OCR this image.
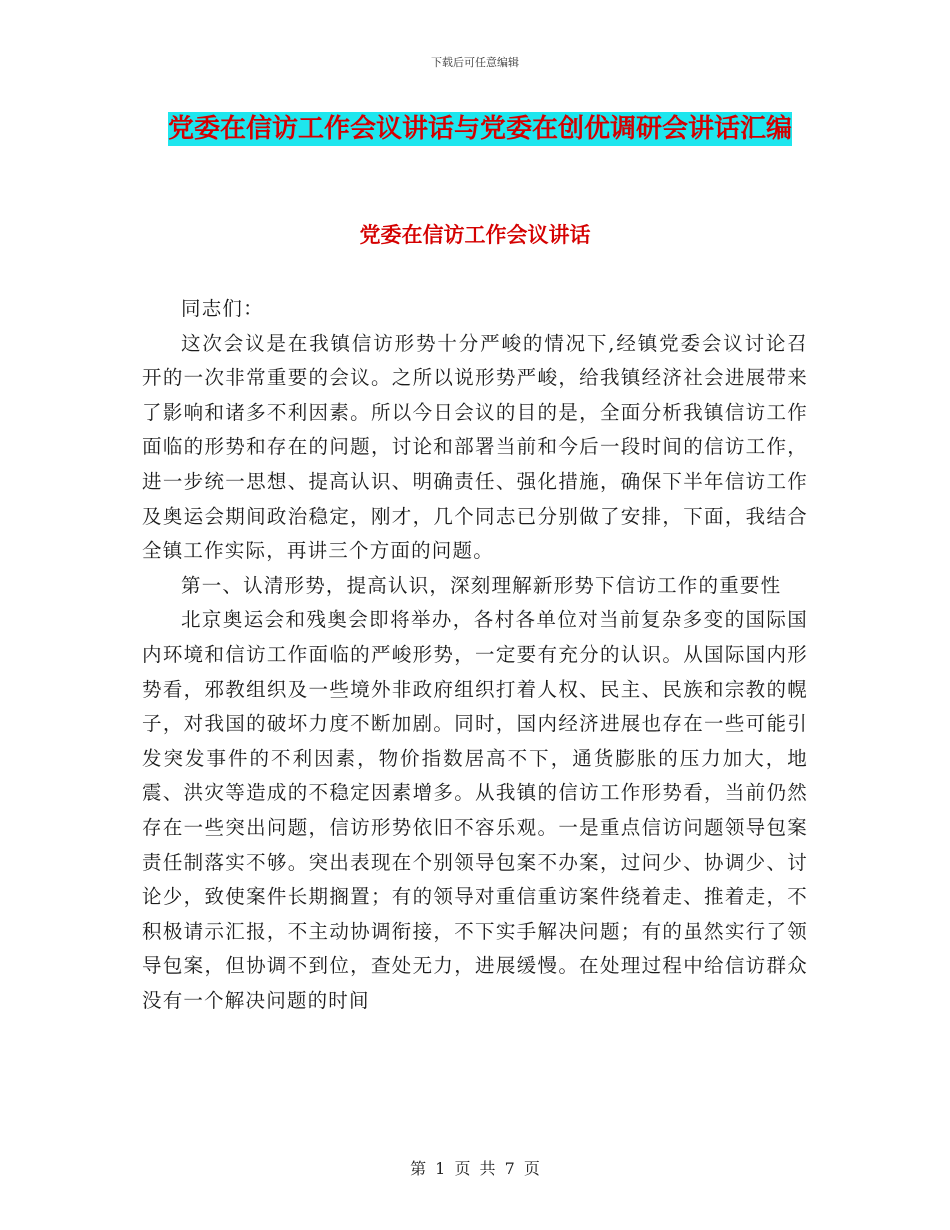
下载后可任意编辑
党委在信访工作会议讲话与党委在创优调研会讲话汇编
党委在信访工作会议讲话

同志们：

这次会议是在我镇信访形势十分严峻的情况下,经镇党委会议讨论召开的一次非常重要的会议。之所以说形势严峻，给我镇经济社会进展带来了影响和诸多不利因素。所以今日会议的目的是，全面分析我镇信访工作面临的形势和存在的问题，讨论和部署当前和今后一段时间的信访工作，进一步统一思想、提高认识、明确责任、强化措施，确保下半年信访工作及奥运会期间政治稳定，刚才，几个同志已分别做了安排，下面，我结合全镇工作实际，再讲三个方面的问题。

第一、认清形势，提高认识，深刻理解新形势下信访工作的重要性

北京奥运会和残奥会即将举办，各村各单位对当前复杂多变的国际国内环境和信访工作面临的严峻形势，一定要有充分的认识。从国际国内形势看，邪教组织及一些境外非政府组织打着人权、民主、民族和宗教的幌子，对我国的破坏力度不断加剧。同时，国内经济进展也存在一些可能引发突发事件的不利因素，物价指数居高不下，通货膨胀的压力加大，地震、洪灾等造成的不稳定因素增多。从我镇的信访工作形势看，当前仍然存在一些突出问题，信访形势依旧不容乐观。一是重点信访问题领导包案责任制落实不够。突出表现在个别领导包案不办案，过问少、协调少、讨论少，致使案件长期搁置；有的领导对重信重访案件绕着走、推着走，不积极请示汇报，不主动协调衔接，不下实手解决问题；有的虽然实行了领导包案，但协调不到位，查处无力，进展缓慢。在处理过程中给信访群众没有一个解决问题的时间

第 1 页 共 7 页
